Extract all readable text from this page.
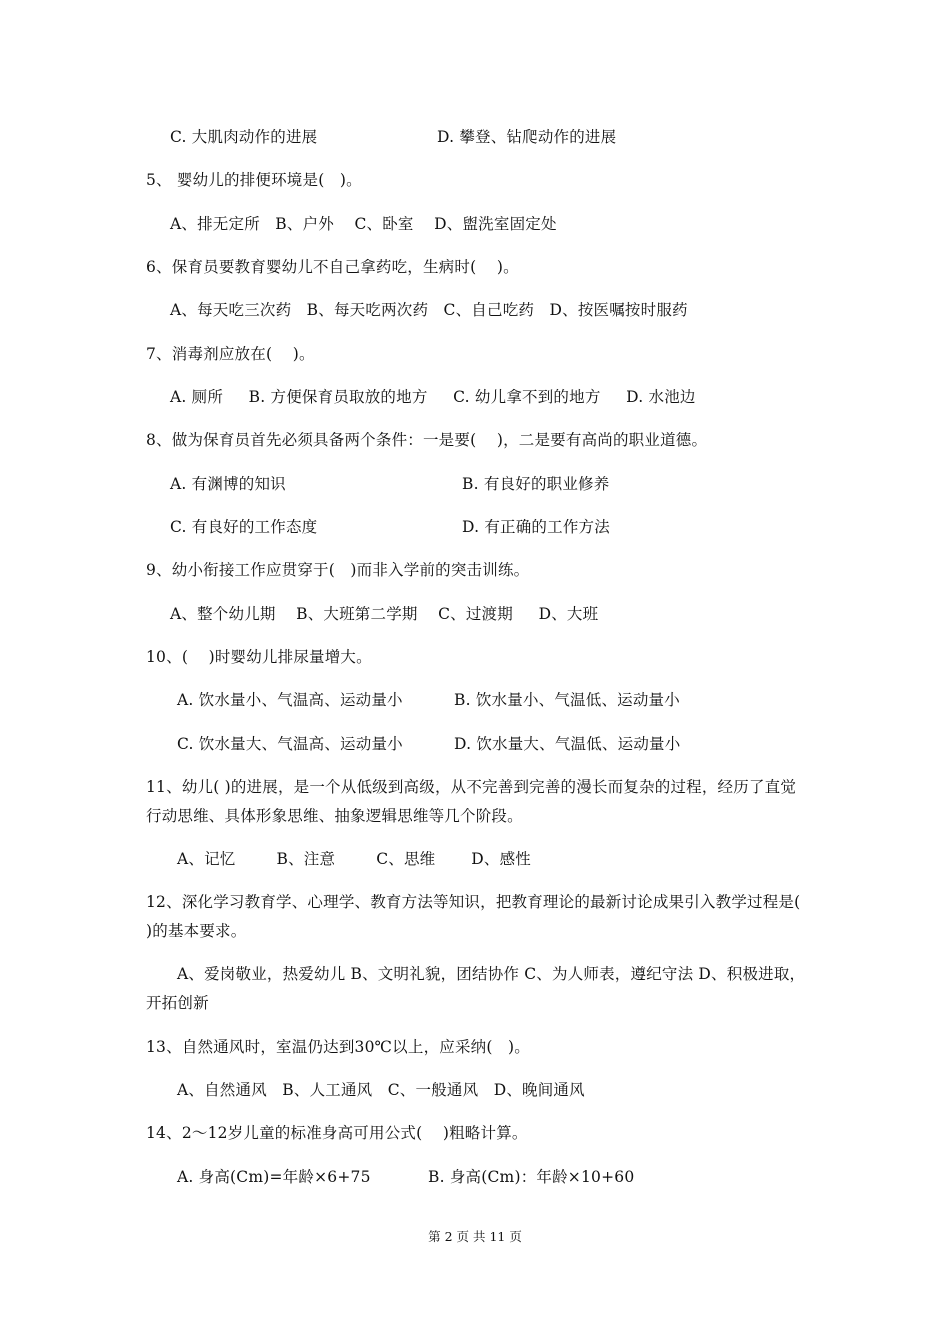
C. 大肌肉动作的进展	D. 攀登、钻爬动作的进展
5、 婴幼儿的排便环境是(   )。
A、排无定所   B、户外    C、卧室    D、盥洗室固定处
6、保育员要教育婴幼儿不自己拿药吃，生病时(    )。
A、每天吃三次药   B、每天吃两次药   C、自己吃药   D、按医嘱按时服药
7、消毒剂应放在(    )。
A. 厕所     B. 方便保育员取放的地方     C. 幼儿拿不到的地方     D. 水池边
8、做为保育员首先必须具备两个条件：一是要(    )，二是要有高尚的职业道德。
A. 有渊博的知识	B. 有良好的职业修养
C. 有良好的工作态度	D. 有正确的工作方法
9、幼小衔接工作应贯穿于(   )而非入学前的突击训练。
A、整个幼儿期    B、大班第二学期    C、过渡期     D、大班
10、(    )时婴幼儿排尿量增大。
A. 饮水量小、气温高、运动量小	B. 饮水量小、气温低、运动量小
C. 饮水量大、气温高、运动量小	D. 饮水量大、气温低、运动量小
11、幼儿( )的进展，是一个从低级到高级，从不完善到完善的漫长而复杂的过程，经历了直觉行动思维、具体形象思维、抽象逻辑思维等几个阶段。
A、记忆        B、注意        C、思维       D、感性
12、深化学习教育学、心理学、教育方法等知识，把教育理论的最新讨论成果引入教学过程是( )的基本要求。
A、爱岗敬业，热爱幼儿 B、文明礼貌，团结协作 C、为人师表，遵纪守法 D、积极进取，开拓创新
13、自然通风时，室温仍达到30℃以上，应采纳(   )。
A、自然通风   B、人工通风   C、一般通风   D、晚间通风
14、2～12岁儿童的标准身高可用公式(    )粗略计算。
A. 身高(Cm)=年龄×6+75	B. 身高(Cm)：年龄×10+60
第 2 页 共 11 页
